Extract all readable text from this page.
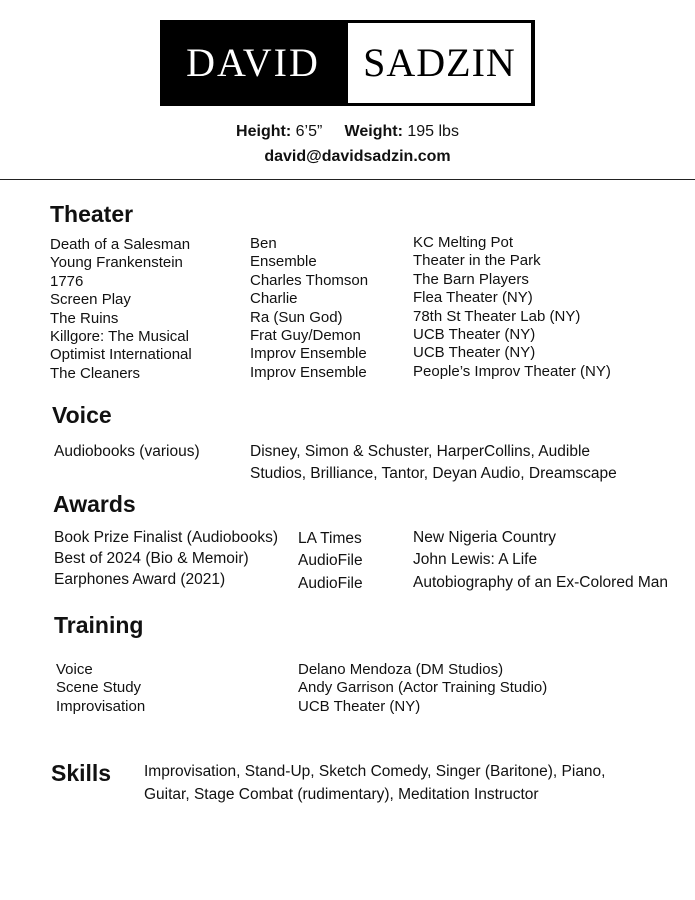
DAVID	SADZIN
Height: 6’5” Weight: 195 lbs
david@davidsadzin.com
Theater
Death of a Salesman
Young Frankenstein
1776
Screen Play
The Ruins
Killgore: The Musical
Optimist International
The Cleaners
Ben
Ensemble
Charles Thomson
Charlie
Ra (Sun God)
Frat Guy/Demon
Improv Ensemble
Improv Ensemble
KC Melting Pot
Theater in the Park
The Barn Players
Flea Theater (NY)
78th St Theater Lab (NY)
UCB Theater (NY)
UCB Theater (NY)
People’s Improv Theater (NY)
Voice
Audiobooks (various)	Disney, Simon & Schuster, HarperCollins, Audible
Studios, Brilliance, Tantor, Deyan Audio, Dreamscape
Awards
Book Prize Finalist (Audiobooks)
Best of 2024 (Bio & Memoir)
Earphones Award (2021)
LA Times
AudioFile
AudioFile
New Nigeria Country
John Lewis: A Life
Autobiography of an Ex-Colored Man
Training
Voice
Scene Study
Improvisation
Delano Mendoza (DM Studios)
Andy Garrison (Actor Training Studio)
UCB Theater (NY)
Skills Improvisation, Stand-Up, Sketch Comedy, Singer (Baritone), Piano,
Guitar, Stage Combat (rudimentary), Meditation Instructor
